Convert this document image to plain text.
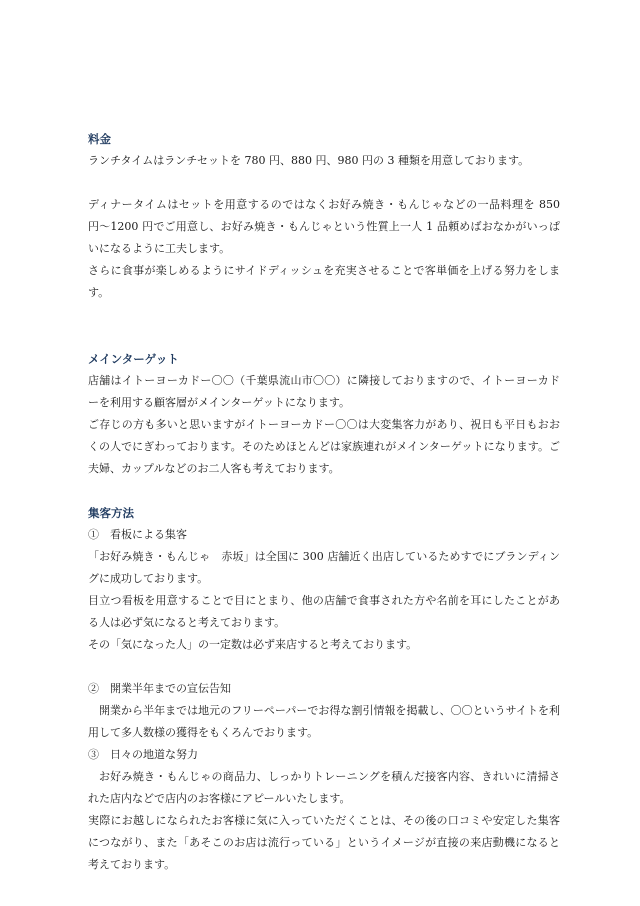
料金

ランチタイムはランチセットを 780 円、880 円、980 円の 3 種類を用意しております。

ディナータイムはセットを用意するのではなくお好み焼き・もんじゃなどの一品料理を 850 円〜1200 円でご用意し、お好み焼き・もんじゃという性質上一人 1 品頼めばおなかがいっぱいになるように工夫します。

さらに食事が楽しめるようにサイドディッシュを充実させることで客単価を上げる努力をします。

メインターゲット

店舗はイトーヨーカドー〇〇（千葉県流山市〇〇）に隣接しておりますので、イトーヨーカドーを利用する顧客層がメインターゲットになります。

ご存じの方も多いと思いますがイトーヨーカドー〇〇は大変集客力があり、祝日も平日もおおくの人でにぎわっております。そのためほとんどは家族連れがメインターゲットになります。ご夫婦、カップルなどのお二人客も考えております。

集客方法

①　看板による集客

「お好み焼き・もんじゃ　赤坂」は全国に 300 店舗近く出店しているためすでにブランディングに成功しております。

目立つ看板を用意することで目にとまり、他の店舗で食事された方や名前を耳にしたことがある人は必ず気になると考えております。

その「気になった人」の一定数は必ず来店すると考えております。

②　開業半年までの宣伝告知

開業から半年までは地元のフリーペーパーでお得な割引情報を掲載し、〇〇というサイトを利用して多人数様の獲得をもくろんでおります。

③　日々の地道な努力

お好み焼き・もんじゃの商品力、しっかりトレーニングを積んだ接客内容、きれいに清掃された店内などで店内のお客様にアピールいたします。

実際にお越しになられたお客様に気に入っていただくことは、その後の口コミや安定した集客につながり、また「あそこのお店は流行っている」というイメージが直接の来店動機になると考えております。
